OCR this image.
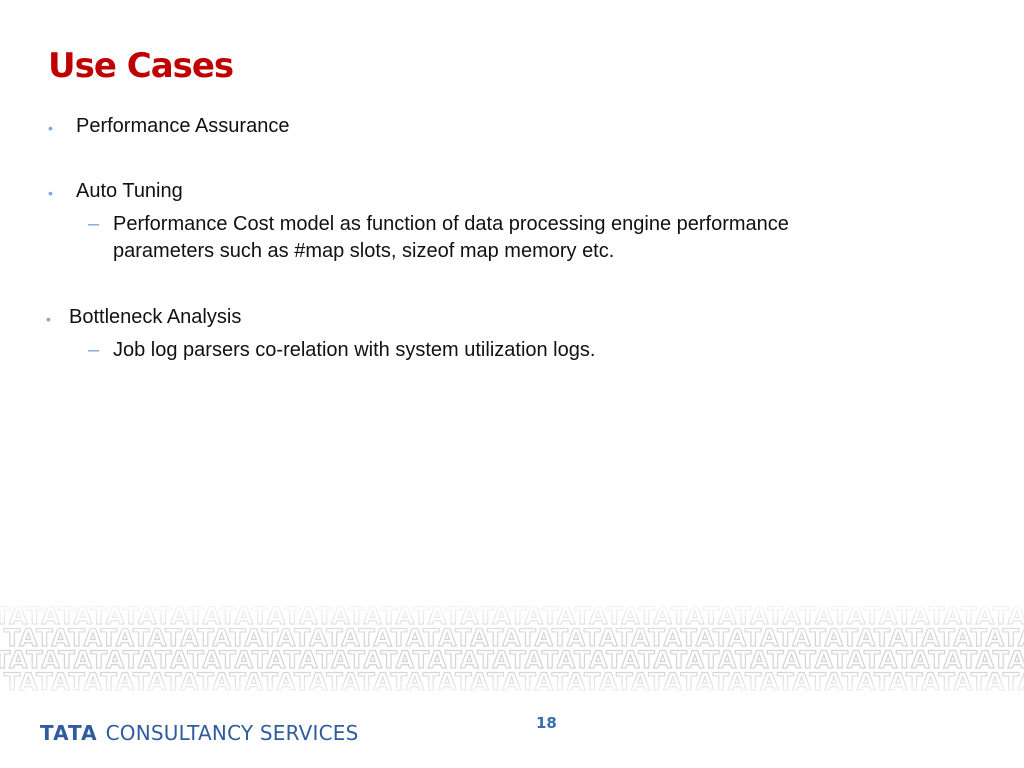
Use Cases
• Performance Assurance
• Auto Tuning
– Performance Cost model as function of data processing engine performance
parameters such as #map slots, sizeof map memory etc.
• Bottleneck Analysis
– Job log parsers co-relation with system utilization logs.
TATA CONSULTANCY SERVICES	18
